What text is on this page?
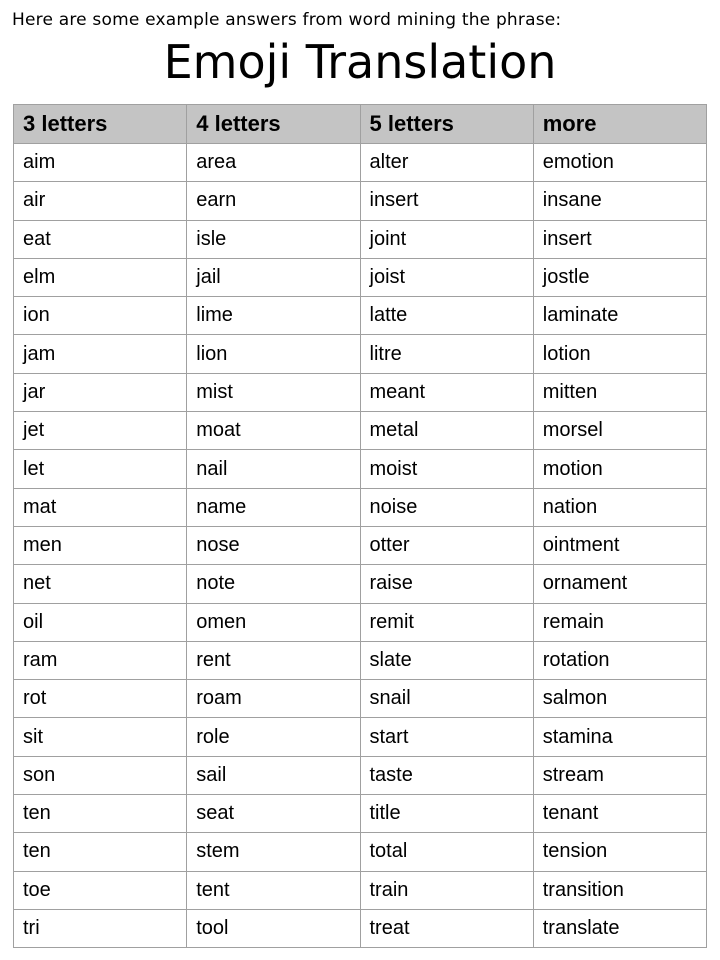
Here are some example answers from word mining the phrase:
Emoji Translation
3 letters	4 letters	5 letters	more
aim	area	alter	emotion
air	earn	insert	insane
eat	isle	joint	insert
elm	jail	joist	jostle
ion	lime	latte	laminate
jam	lion	litre	lotion
jar	mist	meant	mitten
jet	moat	metal	morsel
let	nail	moist	motion
mat	name	noise	nation
men	nose	otter	ointment
net	note	raise	ornament
oil	omen	remit	remain
ram	rent	slate	rotation
rot	roam	snail	salmon
sit	role	start	stamina
son	sail	taste	stream
ten	seat	title	tenant
ten	stem	total	tension
toe	tent	train	transition
tri	tool	treat	translate
